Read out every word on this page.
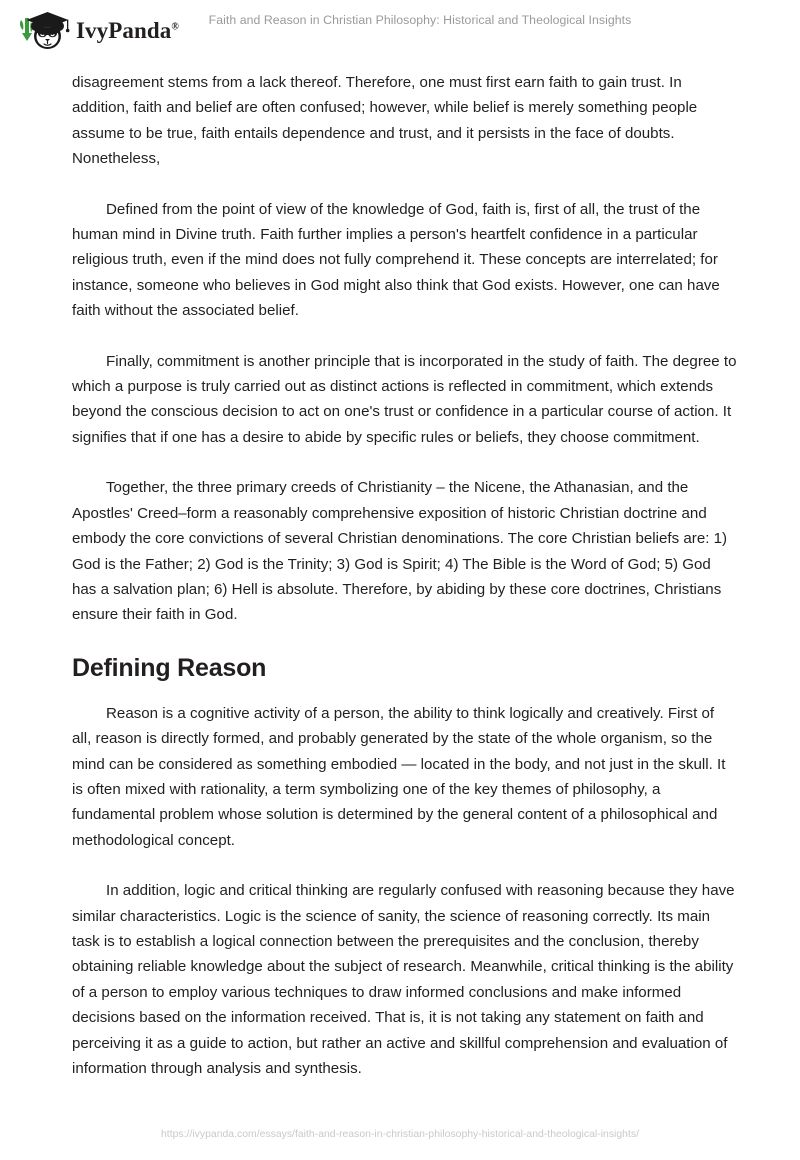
IvyPanda®	Faith and Reason in Christian Philosophy: Historical and Theological Insights

disagreement stems from a lack thereof. Therefore, one must first earn faith to gain trust. In addition, faith and belief are often confused; however, while belief is merely something people assume to be true, faith entails dependence and trust, and it persists in the face of doubts. Nonetheless,

Defined from the point of view of the knowledge of God, faith is, first of all, the trust of the human mind in Divine truth. Faith further implies a person's heartfelt confidence in a particular religious truth, even if the mind does not fully comprehend it. These concepts are interrelated; for instance, someone who believes in God might also think that God exists. However, one can have faith without the associated belief.

Finally, commitment is another principle that is incorporated in the study of faith. The degree to which a purpose is truly carried out as distinct actions is reflected in commitment, which extends beyond the conscious decision to act on one's trust or confidence in a particular course of action. It signifies that if one has a desire to abide by specific rules or beliefs, they choose commitment.

Together, the three primary creeds of Christianity – the Nicene, the Athanasian, and the Apostles' Creed–form a reasonably comprehensive exposition of historic Christian doctrine and embody the core convictions of several Christian denominations. The core Christian beliefs are: 1) God is the Father; 2) God is the Trinity; 3) God is Spirit; 4) The Bible is the Word of God; 5) God has a salvation plan; 6) Hell is absolute. Therefore, by abiding by these core doctrines, Christians ensure their faith in God.

Defining Reason

Reason is a cognitive activity of a person, the ability to think logically and creatively. First of all, reason is directly formed, and probably generated by the state of the whole organism, so the mind can be considered as something embodied — located in the body, and not just in the skull. It is often mixed with rationality, a term symbolizing one of the key themes of philosophy, a fundamental problem whose solution is determined by the general content of a philosophical and methodological concept.

In addition, logic and critical thinking are regularly confused with reasoning because they have similar characteristics. Logic is the science of sanity, the science of reasoning correctly. Its main task is to establish a logical connection between the prerequisites and the conclusion, thereby obtaining reliable knowledge about the subject of research. Meanwhile, critical thinking is the ability of a person to employ various techniques to draw informed conclusions and make informed decisions based on the information received. That is, it is not taking any statement on faith and perceiving it as a guide to action, but rather an active and skillful comprehension and evaluation of information through analysis and synthesis.

https://ivypanda.com/essays/faith-and-reason-in-christian-philosophy-historical-and-theological-insights/
